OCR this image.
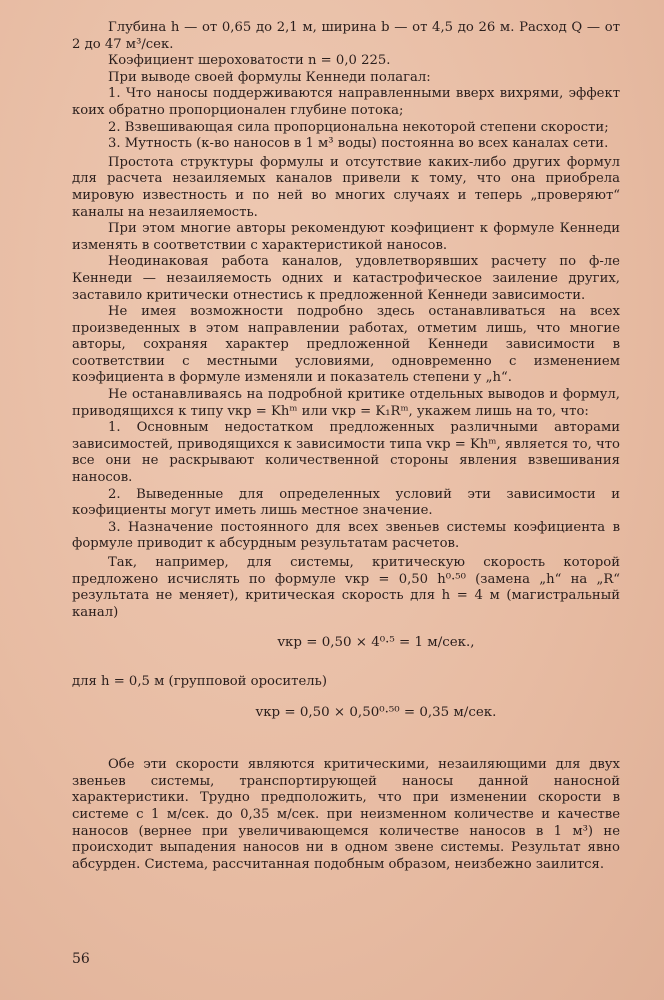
Глубина h — от 0,65 до 2,1 м, ширина b — от 4,5 до 26 м. Расход Q — от 2 до 47 м³/сек.

Коэфициент шероховатости n = 0,0 225.

При выводе своей формулы Кеннеди полагал:

1. Что наносы поддерживаются направленными вверх вихрями, эффект коих обратно пропорционален глубине потока;

2. Взвешивающая сила пропорциональна некоторой степени скорости;

3. Мутность (к-во наносов в 1 м³ воды) постоянна во всех каналах сети.

Простота структуры формулы и отсутствие каких-либо других формул для расчета незаиляемых каналов привели к тому, что она приобрела мировую известность и по ней во многих случаях и теперь „проверяют“ каналы на незаиляемость.

При этом многие авторы рекомендуют коэфициент к формуле Кеннеди изменять в соответствии с характеристикой наносов.

Неодинаковая работа каналов, удовлетворявших расчету по ф-ле Кеннеди — незаиляемость одних и катастрофическое заиление других, заставило критически отнестись к предложенной Кеннеди зависимости.

Не имея возможности подробно здесь останавливаться на всех произведенных в этом направлении работах, отметим лишь, что многие авторы, сохраняя характер предложенной Кеннеди зависимости в соответствии с местными условиями, одновременно с изменением коэфициента в формуле изменяли и показатель степени у „h“.

Не останавливаясь на подробной критике отдельных выводов и формул, приводящихся к типу vкр = Khᵐ или vкр = K₁Rᵐ, укажем лишь на то, что:

1. Основным недостатком предложенных различными авторами зависимостей, приводящихся к зависимости типа vкр = Khᵐ, является то, что все они не раскрывают количественной стороны явления взвешивания наносов.

2. Выведенные для определенных условий эти зависимости и коэфициенты могут иметь лишь местное значение.

3. Назначение постоянного для всех звеньев системы коэфициента в формуле приводит к абсурдным результатам расчетов.

Так, например, для системы, критическую скорость которой предложено исчислять по формуле vкр = 0,50 h⁰·⁵⁰ (замена „h“ на „R“ результата не меняет), критическая скорость для h = 4 м (магистральный канал)

vкр = 0,50 × 4⁰·⁵ = 1 м/сек.,

для h = 0,5 м (групповой ороситель)

vкр = 0,50 × 0,50⁰·⁵⁰ = 0,35 м/сек.

Обе эти скорости являются критическими, незаиляющими для двух звеньев системы, транспортирующей наносы данной наносной характеристики. Трудно предположить, что при изменении скорости в системе с 1 м/сек. до 0,35 м/сек. при неизменном количестве и качестве наносов (вернее при увеличивающемся количестве наносов в 1 м³) не происходит выпадения наносов ни в одном звене системы. Результат явно абсурден. Система, рассчитанная подобным образом, неизбежно заилится.

56
